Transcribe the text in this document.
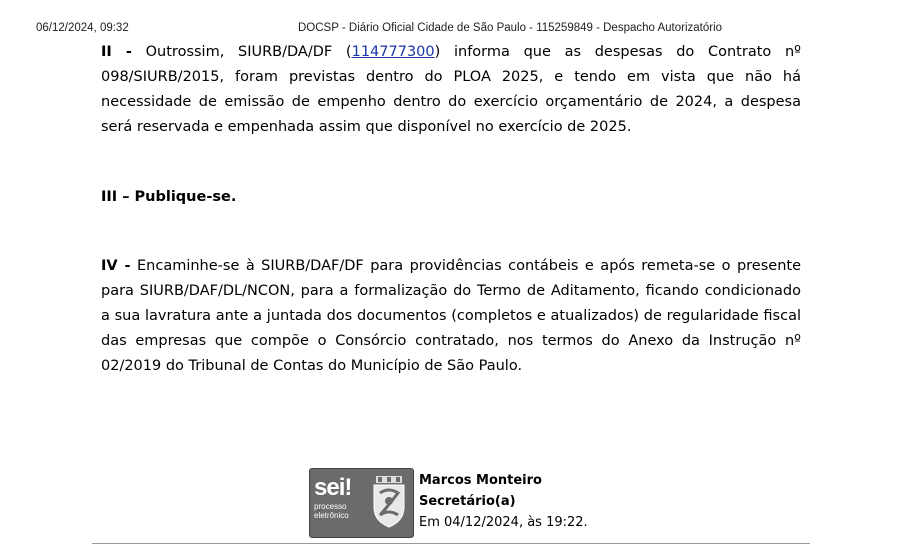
06/12/2024, 09:32	DOCSP - Diário Oficial Cidade de São Paulo - 115259849 - Despacho Autorizatório

II - Outrossim, SIURB/DA/DF (114777300) informa que as despesas do Contrato nº 098/SIURB/2015, foram previstas dentro do PLOA 2025, e tendo em vista que não há necessidade de emissão de empenho dentro do exercício orçamentário de 2024, a despesa será reservada e empenhada assim que disponível no exercício de 2025.

III – Publique-se.

IV - Encaminhe-se à SIURB/DAF/DF para providências contábeis e após remeta-se o presente para SIURB/DAF/DL/NCON, para a formalização do Termo de Aditamento, ficando condicionado a sua lavratura ante a juntada dos documentos (completos e atualizados) de regularidade fiscal das empresas que compõe o Consórcio contratado, nos termos do Anexo da Instrução nº 02/2019 do Tribunal de Contas do Município de São Paulo.

sei!
processo
eletrônico
Marcos Monteiro
Secretário(a)
Em 04/12/2024, às 19:22.
